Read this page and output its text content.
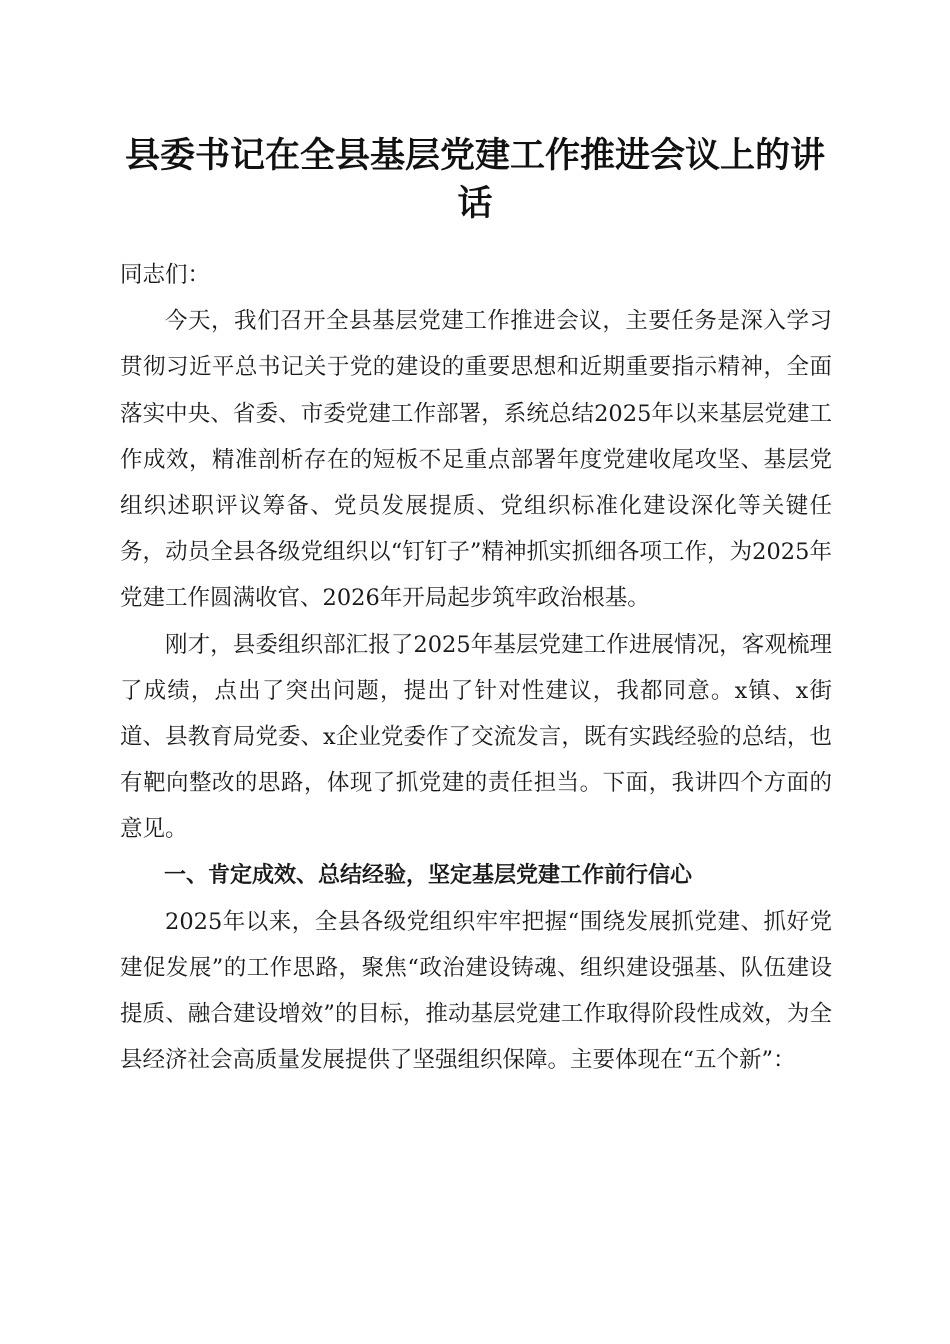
县委书记在全县基层党建工作推进会议上的讲话

同志们：

今天，我们召开全县基层党建工作推进会议，主要任务是深入学习贯彻习近平总书记关于党的建设的重要思想和近期重要指示精神，全面落实中央、省委、市委党建工作部署，系统总结2025年以来基层党建工作成效，精准剖析存在的短板不足重点部署年度党建收尾攻坚、基层党组织述职评议筹备、党员发展提质、党组织标准化建设深化等关键任务，动员全县各级党组织以“钉钉子”精神抓实抓细各项工作，为2025年党建工作圆满收官、2026年开局起步筑牢政治根基。

刚才，县委组织部汇报了2025年基层党建工作进展情况，客观梳理了成绩，点出了突出问题，提出了针对性建议，我都同意。x镇、x街道、县教育局党委、x企业党委作了交流发言，既有实践经验的总结，也有靶向整改的思路，体现了抓党建的责任担当。下面，我讲四个方面的意见。

一、肯定成效、总结经验，坚定基层党建工作前行信心

2025年以来，全县各级党组织牢牢把握“围绕发展抓党建、抓好党建促发展”的工作思路，聚焦“政治建设铸魂、组织建设强基、队伍建设提质、融合建设增效”的目标，推动基层党建工作取得阶段性成效，为全县经济社会高质量发展提供了坚强组织保障。主要体现在“五个新”：
